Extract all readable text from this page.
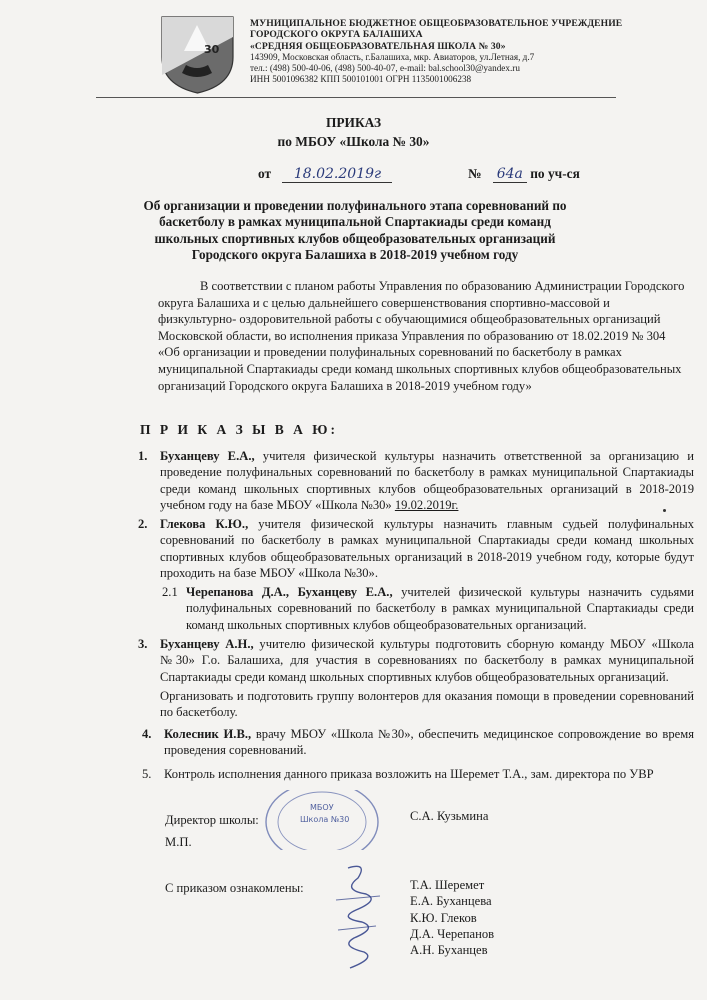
30
МУНИЦИПАЛЬНОЕ БЮДЖЕТНОЕ ОБЩЕОБРАЗОВАТЕЛЬНОЕ УЧРЕЖДЕНИЕ
ГОРОДСКОГО ОКРУГА БАЛАШИХА
«СРЕДНЯЯ ОБЩЕОБРАЗОВАТЕЛЬНАЯ ШКОЛА № 30»
143909, Московская область, г.Балашиха, мкр. Авиаторов, ул.Летная, д.7
тел.: (498) 500-40-06, (498) 500-40-07, e-mail: bal.school30@yandex.ru
ИНН 5001096382 КПП 500101001 ОГРН 1135001006238
ПРИКАЗ
по МБОУ «Школа № 30»
от 18.02.2019г	№ 64а по уч-ся
Об организации и проведении полуфинального этапа соревнований по баскетболу в рамках муниципальной Спартакиады среди команд школьных спортивных клубов общеобразовательных организаций Городского округа Балашиха в 2018-2019 учебном году

В соответствии с планом работы Управления по образованию Администрации Городского округа Балашиха и с целью дальнейшего совершенствования спортивно-массовой и физкультурно- оздоровительной работы с обучающимися общеобразовательных организаций Московской области, во исполнения приказа Управления по образованию от 18.02.2019 № 304 «Об организации и проведении полуфинальных соревнований по баскетболу в рамках муниципальной Спартакиады среди команд школьных спортивных клубов общеобразовательных организаций Городского округа Балашиха в 2018-2019 учебном году»

П Р И К А З Ы В А Ю:
1. Буханцеву Е.А., учителя физической культуры назначить ответственной за организацию и проведение полуфинальных соревнований по баскетболу в рамках муниципальной Спартакиады среди команд школьных спортивных клубов общеобразовательных организаций в 2018-2019 учебном году на базе МБОУ «Школа №30» 19.02.2019г.
2. Глекова К.Ю., учителя физической культуры назначить главным судьей полуфинальных соревнований по баскетболу в рамках муниципальной Спартакиады среди команд школьных спортивных клубов общеобразовательных организаций в 2018-2019 учебном году, которые будут проходить на базе МБОУ «Школа №30».
2.1 Черепанова Д.А., Буханцеву Е.А., учителей физической культуры назначить судьями полуфинальных соревнований по баскетболу в рамках муниципальной Спартакиады среди команд школьных спортивных клубов общеобразовательных организаций.
3. Буханцеву А.Н., учителю физической культуры подготовить сборную команду МБОУ «Школа №30» Г.о. Балашиха, для участия в соревнованиях по баскетболу в рамках муниципальной Спартакиады среди команд школьных спортивных клубов общеобразовательных организаций.
Организовать и подготовить группу волонтеров для оказания помощи в проведении соревнований по баскетболу.
4. Колесник И.В., врачу МБОУ «Школа №30», обеспечить медицинское сопровождение во время проведения соревнований.
5. Контроль исполнения данного приказа возложить на Шеремет Т.А., зам. директора по УВР
МБОУ
Школа №30
Директор школы:	С.А. Кузьмина
М.П.
С приказом ознакомлены:	Т.А. Шеремет
Е.А. Буханцева
К.Ю. Глеков
Д.А. Черепанов
А.Н. Буханцев
